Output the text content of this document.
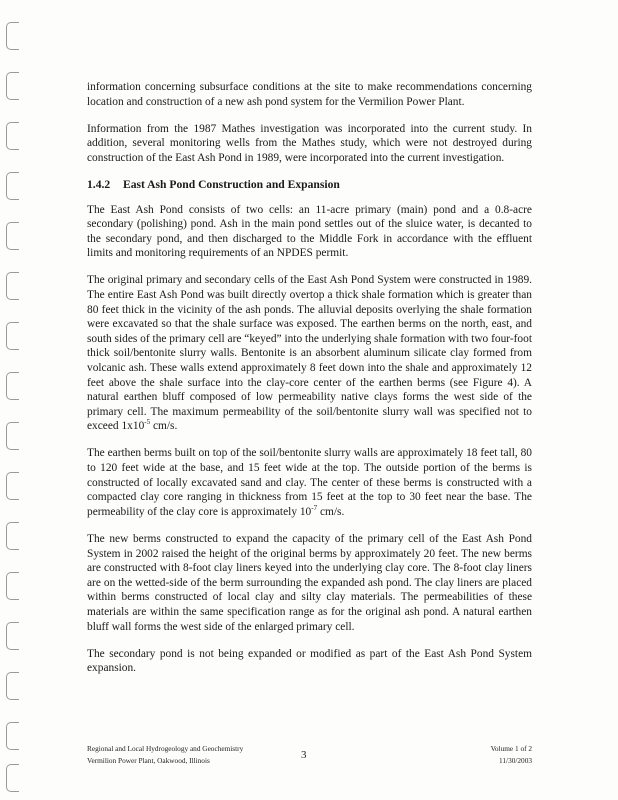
information concerning subsurface conditions at the site to make recommendations concerning location and construction of a new ash pond system for the Vermilion Power Plant.

Information from the 1987 Mathes investigation was incorporated into the current study. In addition, several monitoring wells from the Mathes study, which were not destroyed during construction of the East Ash Pond in 1989, were incorporated into the current investigation.

1.4.2 East Ash Pond Construction and Expansion

The East Ash Pond consists of two cells: an 11-acre primary (main) pond and a 0.8-acre secondary (polishing) pond. Ash in the main pond settles out of the sluice water, is decanted to the secondary pond, and then discharged to the Middle Fork in accordance with the effluent limits and monitoring requirements of an NPDES permit.

The original primary and secondary cells of the East Ash Pond System were constructed in 1989. The entire East Ash Pond was built directly overtop a thick shale formation which is greater than 80 feet thick in the vicinity of the ash ponds. The alluvial deposits overlying the shale formation were excavated so that the shale surface was exposed. The earthen berms on the north, east, and south sides of the primary cell are “keyed” into the underlying shale formation with two four-foot thick soil/bentonite slurry walls. Bentonite is an absorbent aluminum silicate clay formed from volcanic ash. These walls extend approximately 8 feet down into the shale and approximately 12 feet above the shale surface into the clay-core center of the earthen berms (see Figure 4). A natural earthen bluff composed of low permeability native clays forms the west side of the primary cell. The maximum permeability of the soil/bentonite slurry wall was specified not to exceed $1x10^{-5}$ cm/s.

The earthen berms built on top of the soil/bentonite slurry walls are approximately 18 feet tall, 80 to 120 feet wide at the base, and 15 feet wide at the top. The outside portion of the berms is constructed of locally excavated sand and clay. The center of these berms is constructed with a compacted clay core ranging in thickness from 15 feet at the top to 30 feet near the base. The permeability of the clay core is approximately $10^{-7}$ cm/s.

The new berms constructed to expand the capacity of the primary cell of the East Ash Pond System in 2002 raised the height of the original berms by approximately 20 feet. The new berms are constructed with 8-foot clay liners keyed into the underlying clay core. The 8-foot clay liners are on the wetted-side of the berm surrounding the expanded ash pond. The clay liners are placed within berms constructed of local clay and silty clay materials. The permeabilities of these materials are within the same specification range as for the original ash pond. A natural earthen bluff wall forms the west side of the enlarged primary cell.

The secondary pond is not being expanded or modified as part of the East Ash Pond System expansion.

Regional and Local Hydrogeology and Geochemistry
Vermilion Power Plant, Oakwood, Illinois	3
Volume 1 of 2
11/30/2003
